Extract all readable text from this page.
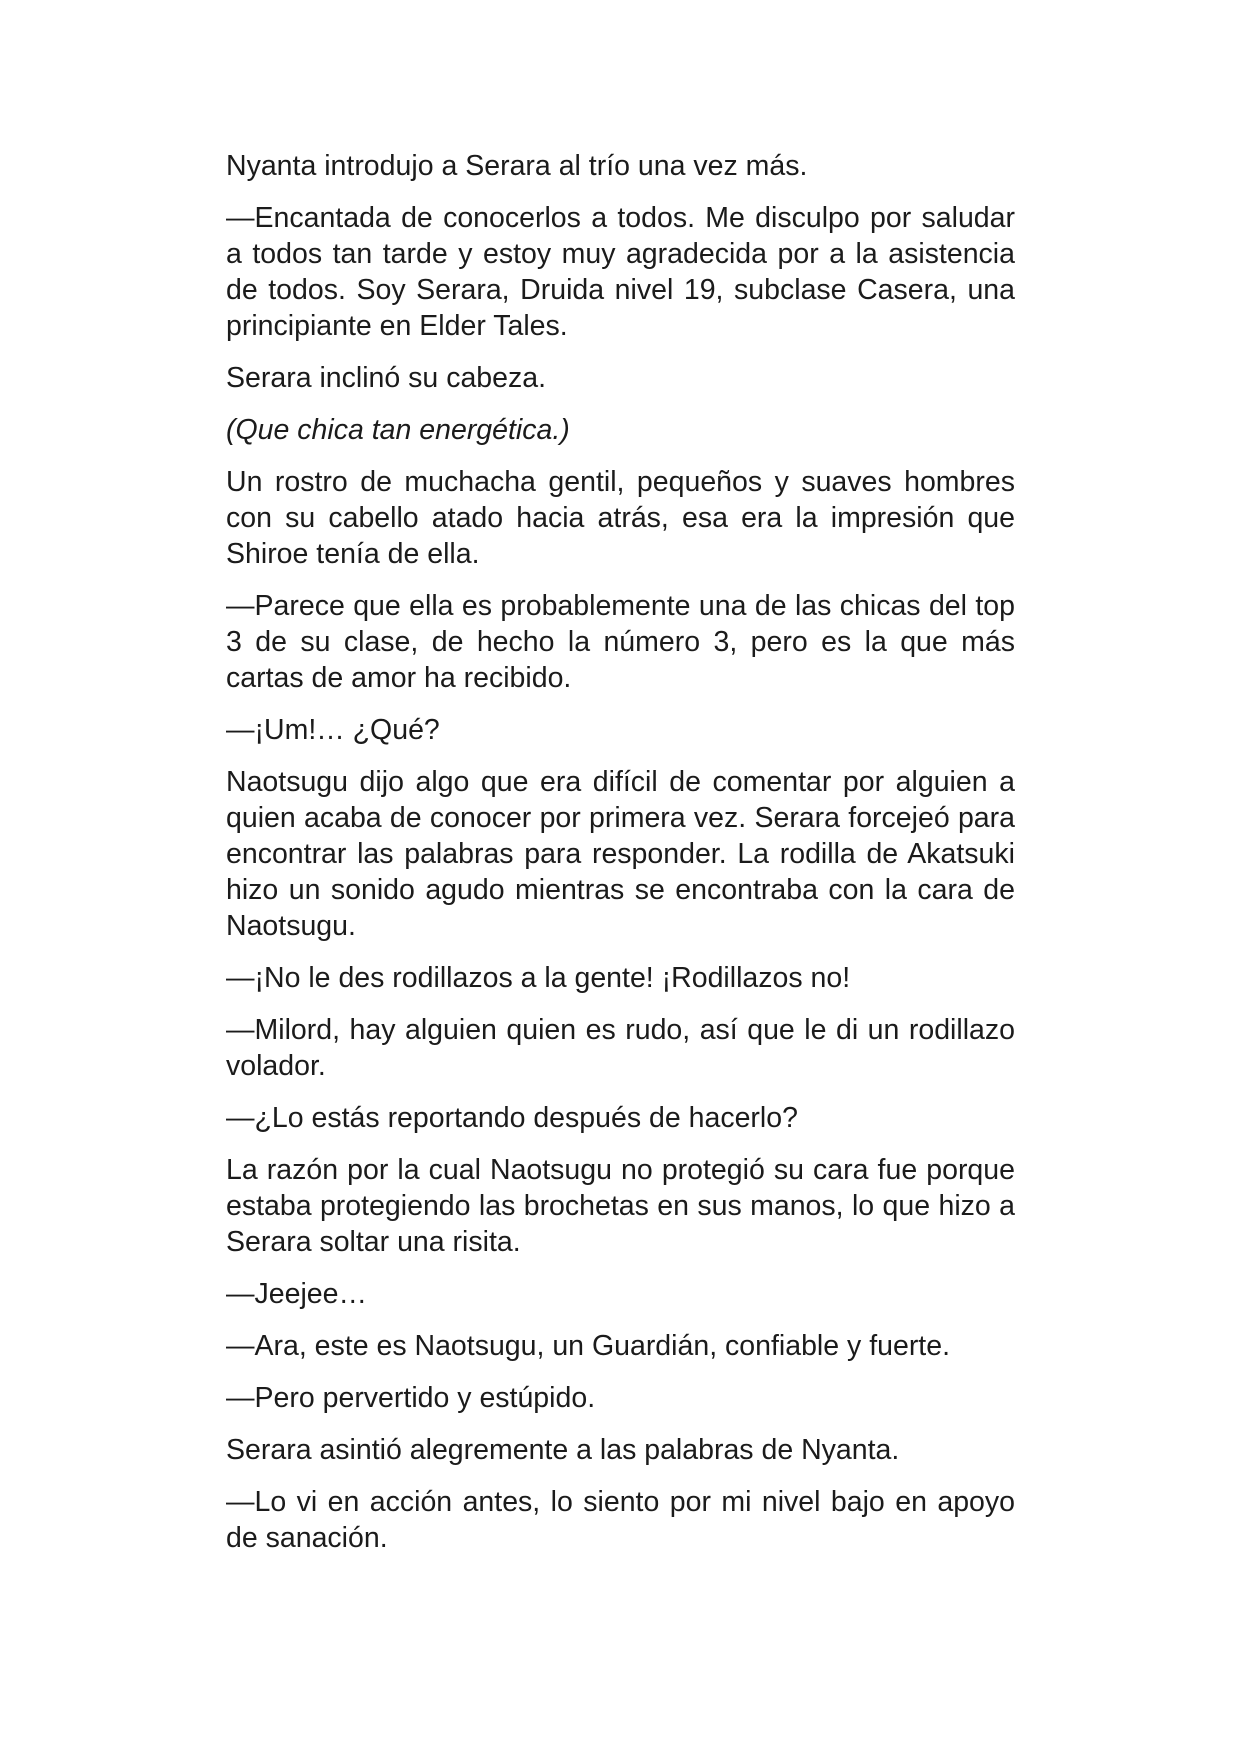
Nyanta introdujo a Serara al trío una vez más.

—Encantada de conocerlos a todos. Me disculpo por saludar a todos tan tarde y estoy muy agradecida por a la asistencia de todos. Soy Serara, Druida nivel 19, subclase Casera, una principiante en Elder Tales.

Serara inclinó su cabeza.

(Que chica tan energética.)

Un rostro de muchacha gentil, pequeños y suaves hombres con su cabello atado hacia atrás, esa era la impresión que Shiroe tenía de ella.

—Parece que ella es probablemente una de las chicas del top 3 de su clase, de hecho la número 3, pero es la que más cartas de amor ha recibido.

—¡Um!… ¿Qué?

Naotsugu dijo algo que era difícil de comentar por alguien a quien acaba de conocer por primera vez. Serara forcejeó para encontrar las palabras para responder. La rodilla de Akatsuki hizo un sonido agudo mientras se encontraba con la cara de Naotsugu.

—¡No le des rodillazos a la gente! ¡Rodillazos no!

—Milord, hay alguien quien es rudo, así que le di un rodillazo volador.

—¿Lo estás reportando después de hacerlo?

La razón por la cual Naotsugu no protegió su cara fue porque estaba protegiendo las brochetas en sus manos, lo que hizo a Serara soltar una risita.

—Jeejee…

—Ara, este es Naotsugu, un Guardián, confiable y fuerte.

—Pero pervertido y estúpido.

Serara asintió alegremente a las palabras de Nyanta.

—Lo vi en acción antes, lo siento por mi nivel bajo en apoyo de sanación.
